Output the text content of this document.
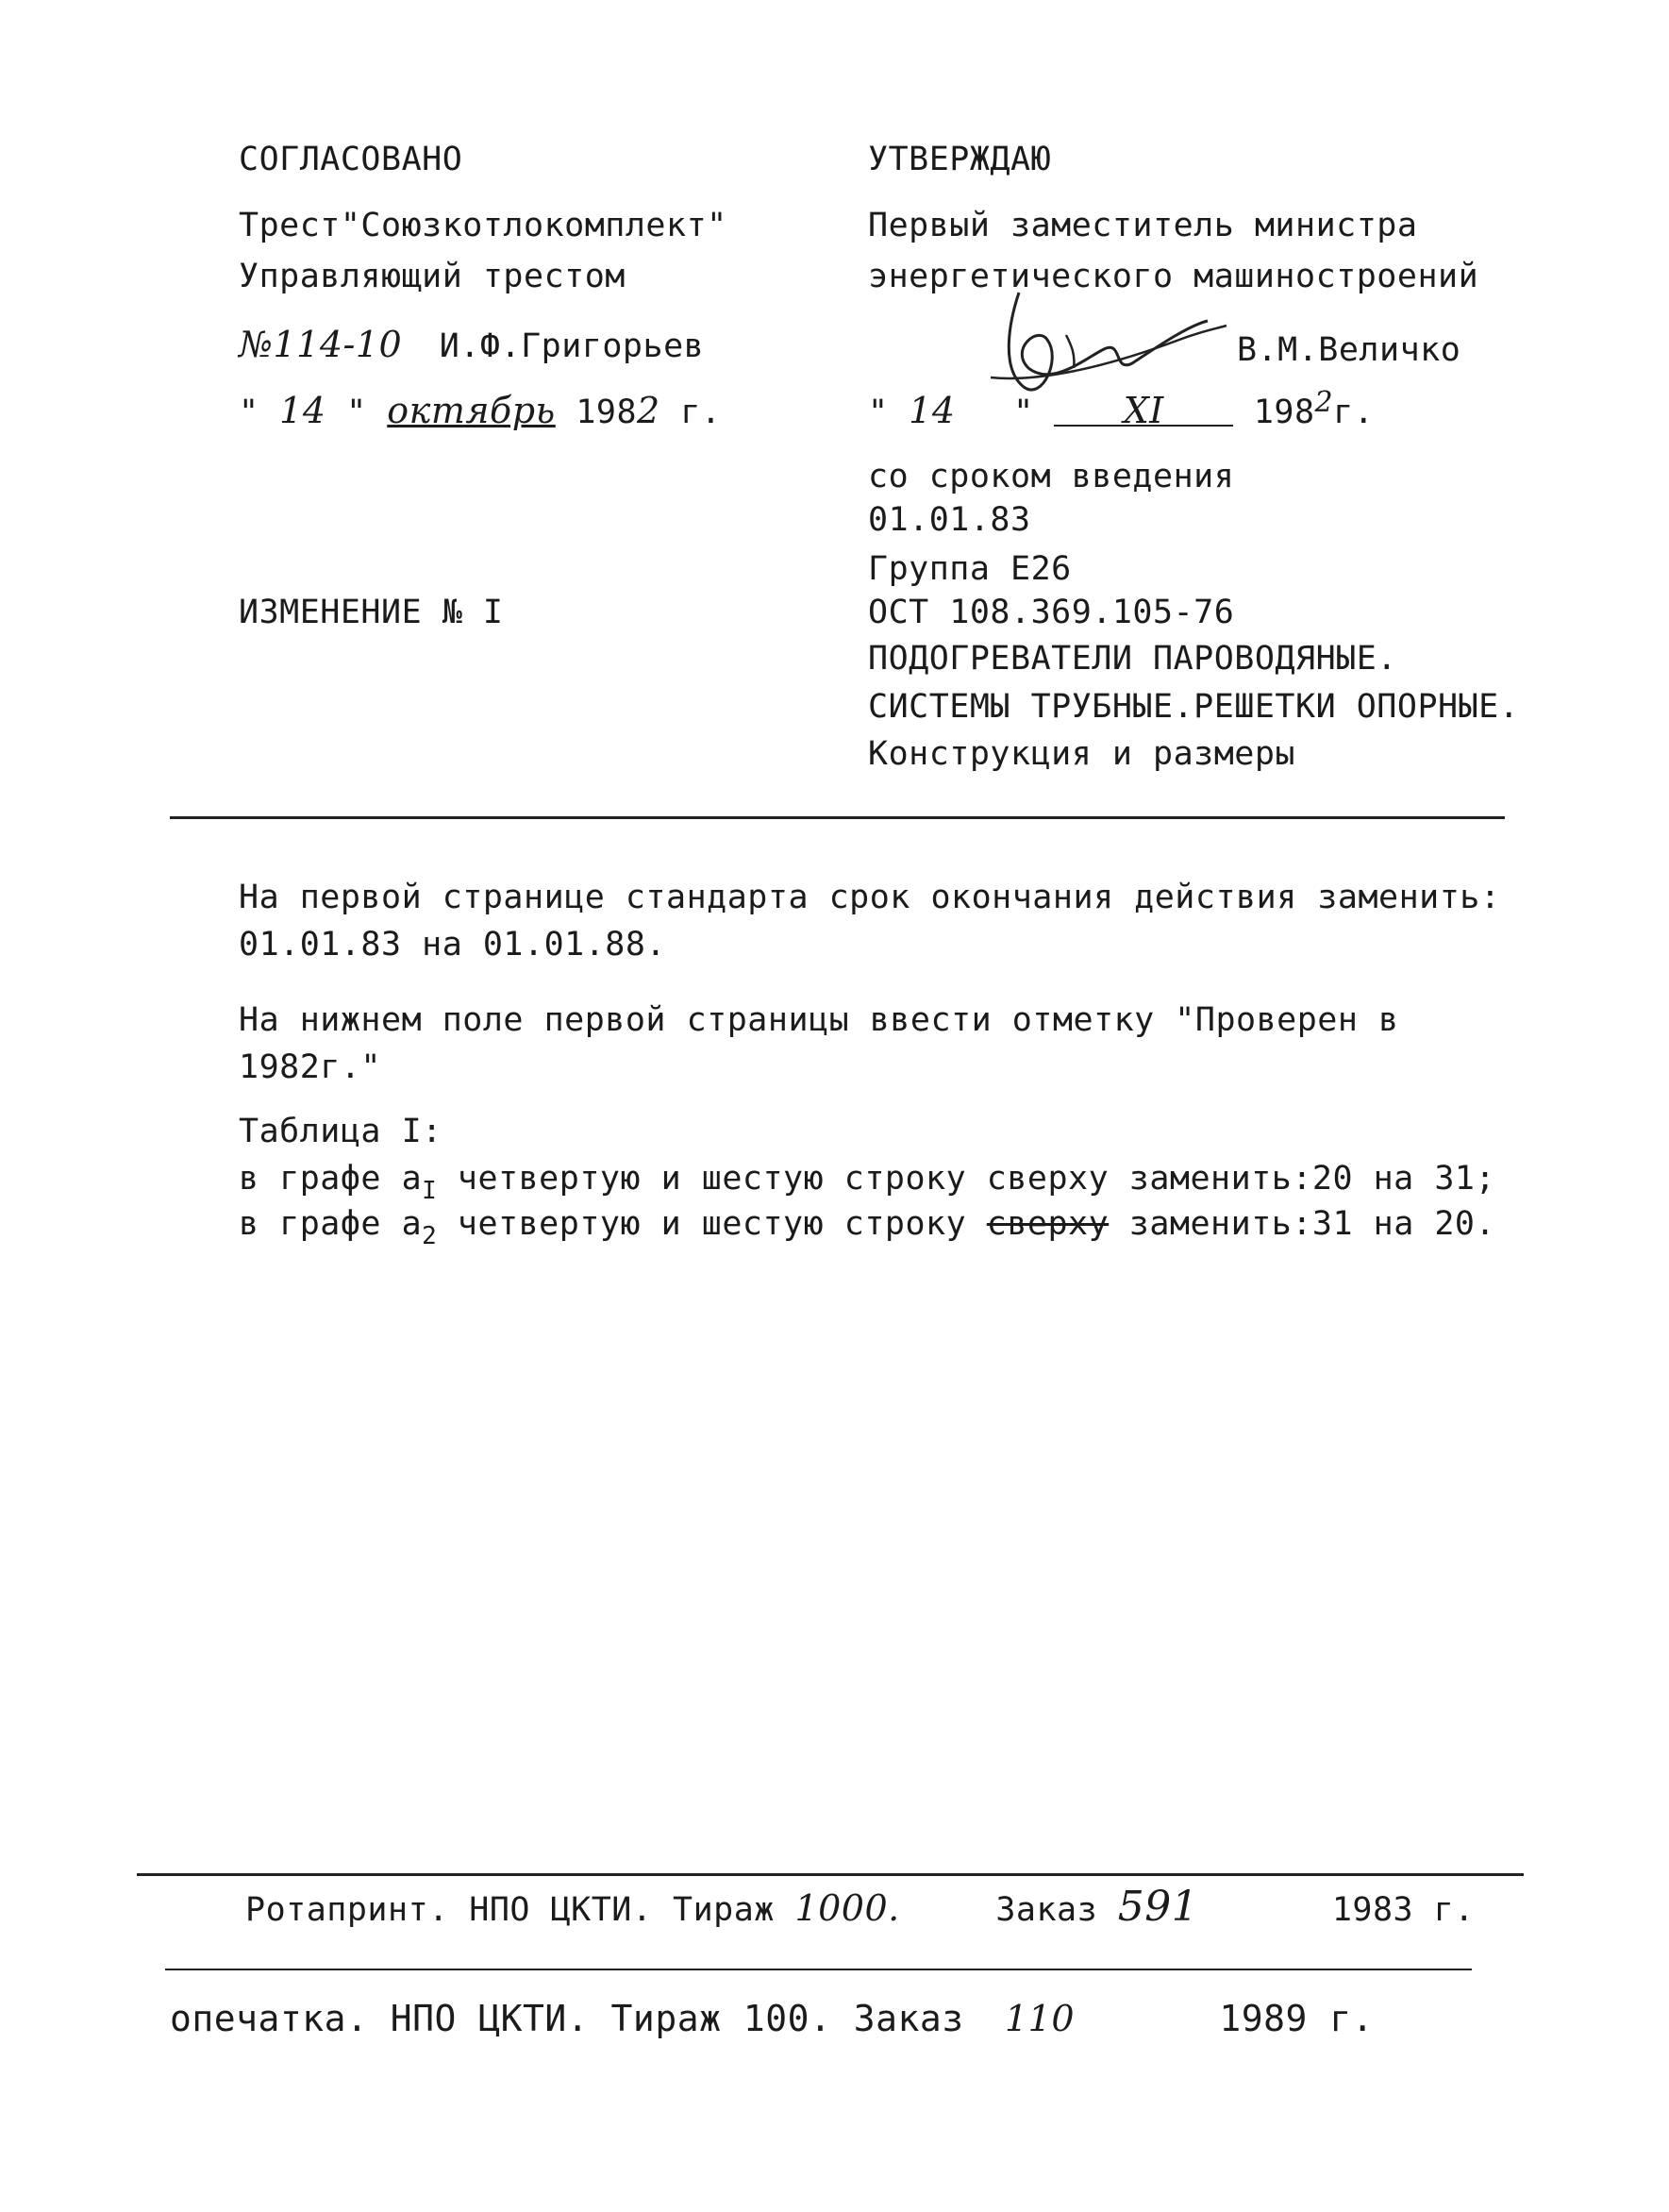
СОГЛАСОВАНО
Трест"Союзкотлокомплект"
Управляющий трестом
№114-10 И.Ф.Григорьев
" 14 " октябрь 1982 г.
ИЗМЕНЕНИЕ № I
УТВЕРЖДАЮ
Первый заместитель министра
энергетического машиностроений
В.М.Величко
" 14 "	XI	1982г.
со сроком введения
01.01.83
Группа Е26
ОСТ 108.369.105-76
ПОДОГРЕВАТЕЛИ ПАРОВОДЯНЫЕ.
СИСТЕМЫ ТРУБНЫЕ.РЕШЕТКИ ОПОРНЫЕ.
Конструкция и размеры
На первой странице стандарта срок окончания действия заменить:
01.01.83 на 01.01.88.
На нижнем поле первой страницы ввести отметку "Проверен в
1982г."
Таблица I:
в графе $a_I$ четвертую и шестую строку сверху заменить:20 на 31;
в графе $a_2$ четвертую и шестую строку сверху заменить:31 на 20.
Ротапринт. НПО ЦКТИ. Тираж 1000.	Заказ 591	1983 г.
опечатка. НПО ЦКТИ. Тираж 100. Заказ 110	1989 г.
